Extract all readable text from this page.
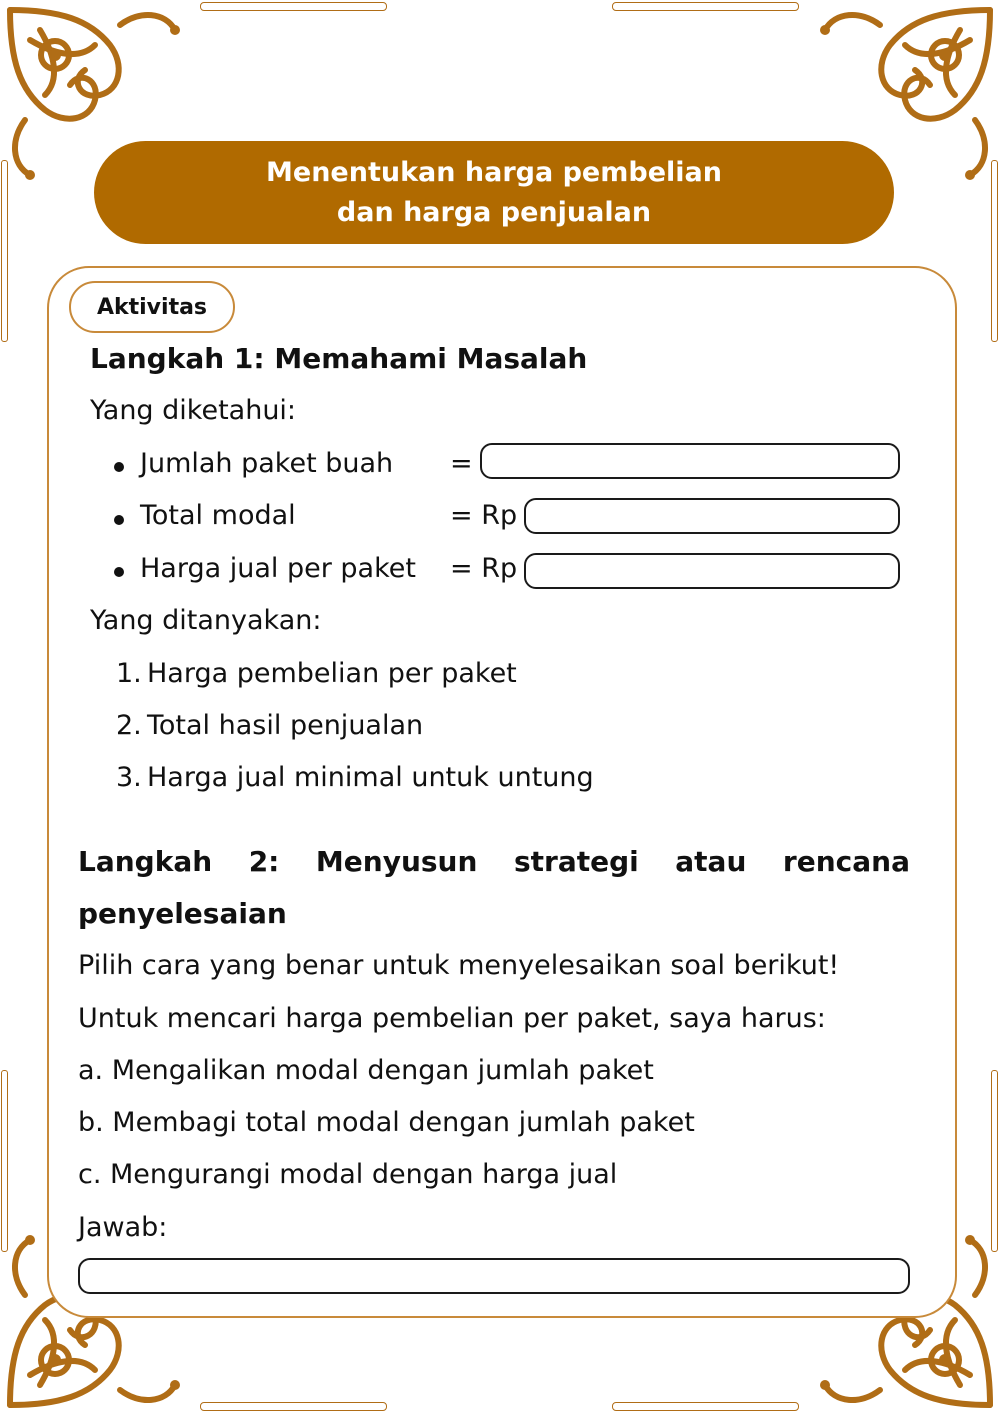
Menentukan harga pembelian
dan harga penjualan
Aktivitas
Langkah 1: Memahami Masalah
Yang diketahui:
Jumlah paket buah =
Total modal	= Rp
Harga jual per paket = Rp
Yang ditanyakan:
1. Harga pembelian per paket
2. Total hasil penjualan
3. Harga jual minimal untuk untung
Langkah 2: Menyusun strategi atau rencana
penyelesaian
Pilih cara yang benar untuk menyelesaikan soal berikut!
Untuk mencari harga pembelian per paket, saya harus:
a. Mengalikan modal dengan jumlah paket
b. Membagi total modal dengan jumlah paket
c. Mengurangi modal dengan harga jual
Jawab:
